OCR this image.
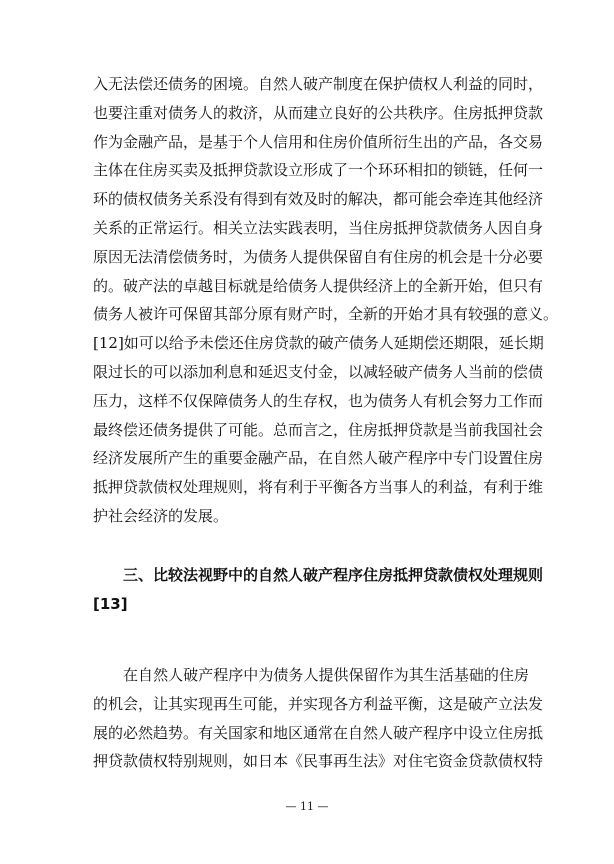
入无法偿还债务的困境。自然人破产制度在保护债权人利益的同时，
也要注重对债务人的救济，从而建立良好的公共秩序。住房抵押贷款
作为金融产品，是基于个人信用和住房价值所衍生出的产品，各交易
主体在住房买卖及抵押贷款设立形成了一个环环相扣的锁链，任何一
环的债权债务关系没有得到有效及时的解决，都可能会牵连其他经济
关系的正常运行。相关立法实践表明，当住房抵押贷款债务人因自身
原因无法清偿债务时，为债务人提供保留自有住房的机会是十分必要
的。破产法的卓越目标就是给债务人提供经济上的全新开始，但只有
债务人被许可保留其部分原有财产时，全新的开始才具有较强的意义。
[12]如可以给予未偿还住房贷款的破产债务人延期偿还期限，延长期
限过长的可以添加利息和延迟支付金，以减轻破产债务人当前的偿债
压力，这样不仅保障债务人的生存权，也为债务人有机会努力工作而
最终偿还债务提供了可能。总而言之，住房抵押贷款是当前我国社会
经济发展所产生的重要金融产品，在自然人破产程序中专门设置住房
抵押贷款债权处理规则，将有利于平衡各方当事人的利益，有利于维
护社会经济的发展。
三、比较法视野中的自然人破产程序住房抵押贷款债权处理规则
[13]
在自然人破产程序中为债务人提供保留作为其生活基础的住房
的机会，让其实现再生可能，并实现各方利益平衡，这是破产立法发
展的必然趋势。有关国家和地区通常在自然人破产程序中设立住房抵
押贷款债权特别规则，如日本《民事再生法》对住宅资金贷款债权特
— 11 —
